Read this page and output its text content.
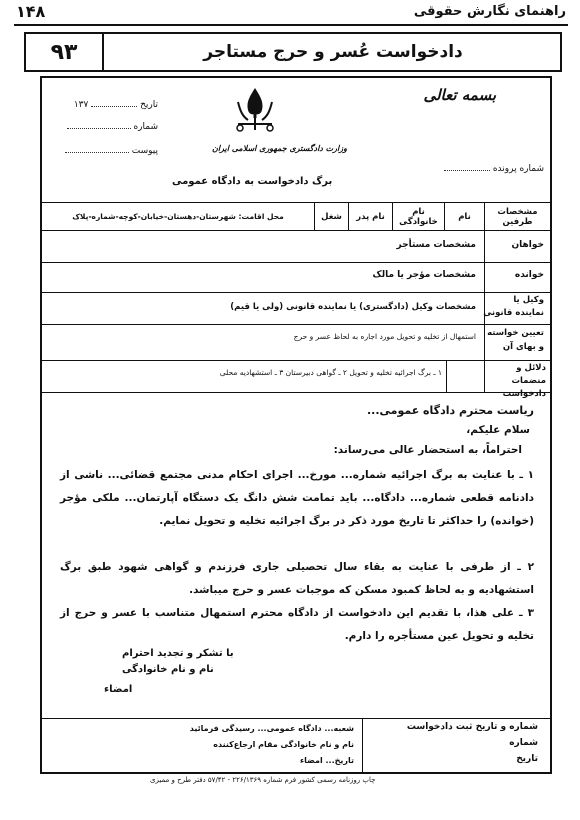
راهنمای نگارش حقوقی
۱۴۸
۹۳	دادخواست عُسر و حرج مستاجر
بسمه تعالی
وزارت دادگستری جمهوری اسلامی ایران
تاریخ  ۱۳۷
شماره
پیوست
شماره پرونده
برگ دادخواست به دادگاه عمومی
مشخصات طرفین
نام
نام خانوادگی
نام پدر
شغل
محل اقامت: شهرستان-دهستان-خیابان-کوچه-شماره-پلاک
خواهان
مشخصات مستأجر
خوانده
مشخصات مؤجر یا مالک
وکیل یا نماینده قانونی
مشخصات وکیل (دادگستری) یا نماینده قانونی (ولی یا قیم)
تعیین خواسته و بهای آن
استمهال از تخلیه و تحویل مورد اجاره به لحاظ عسر و حرج
دلائل و منضمات دادخواست
۱ ـ برگ اجرائیه تخلیه و تحویل ۲ ـ گواهی دبیرستان ۳ ـ استشهادیه محلی
ریاست محترم دادگاه عمومی...
سلام علیکم،
احتراماً، به استحضار عالی می‌رساند:
۱ ـ با عنایت به برگ اجرائیه شماره... مورخ... اجرای احکام مدنی مجتمع قضائی... ناشی از دادنامه قطعی شماره... دادگاه... باید تمامت شش دانگ یک دستگاه آپارتمان... ملکی مؤجر (خوانده) را حداکثر تا تاریخ مورد ذکر در برگ اجرائیه تخلیه و تحویل نمایم.
۲ ـ از طرفی با عنایت به بقاء سال تحصیلی جاری فرزندم و گواهی شهود طبق برگ استشهادیه و به لحاظ کمبود مسکن که موجبات عسر و حرج میباشد.
۳ ـ علی هذا، با تقدیم این دادخواست از دادگاه محترم استمهال متناسب با عسر و حرج از تخلیه و تحویل عین مستأجره را دارم.
با تشکر و تجدید احترام
نام و نام خانوادگی
امضاء
شماره و تاریخ ثبت دادخواست
شماره
تاریخ
شعبه... دادگاه عمومی... رسیدگی فرمائید
نام و نام خانوادگی مقام ارجاع‌کننده
تاریخ... امضاء
چاپ روزنامه رسمی کشور فرم شماره ۲۲۶/۱۳۶۹ - ۵۷/۴۲ دفتر طرح و ممیزی
